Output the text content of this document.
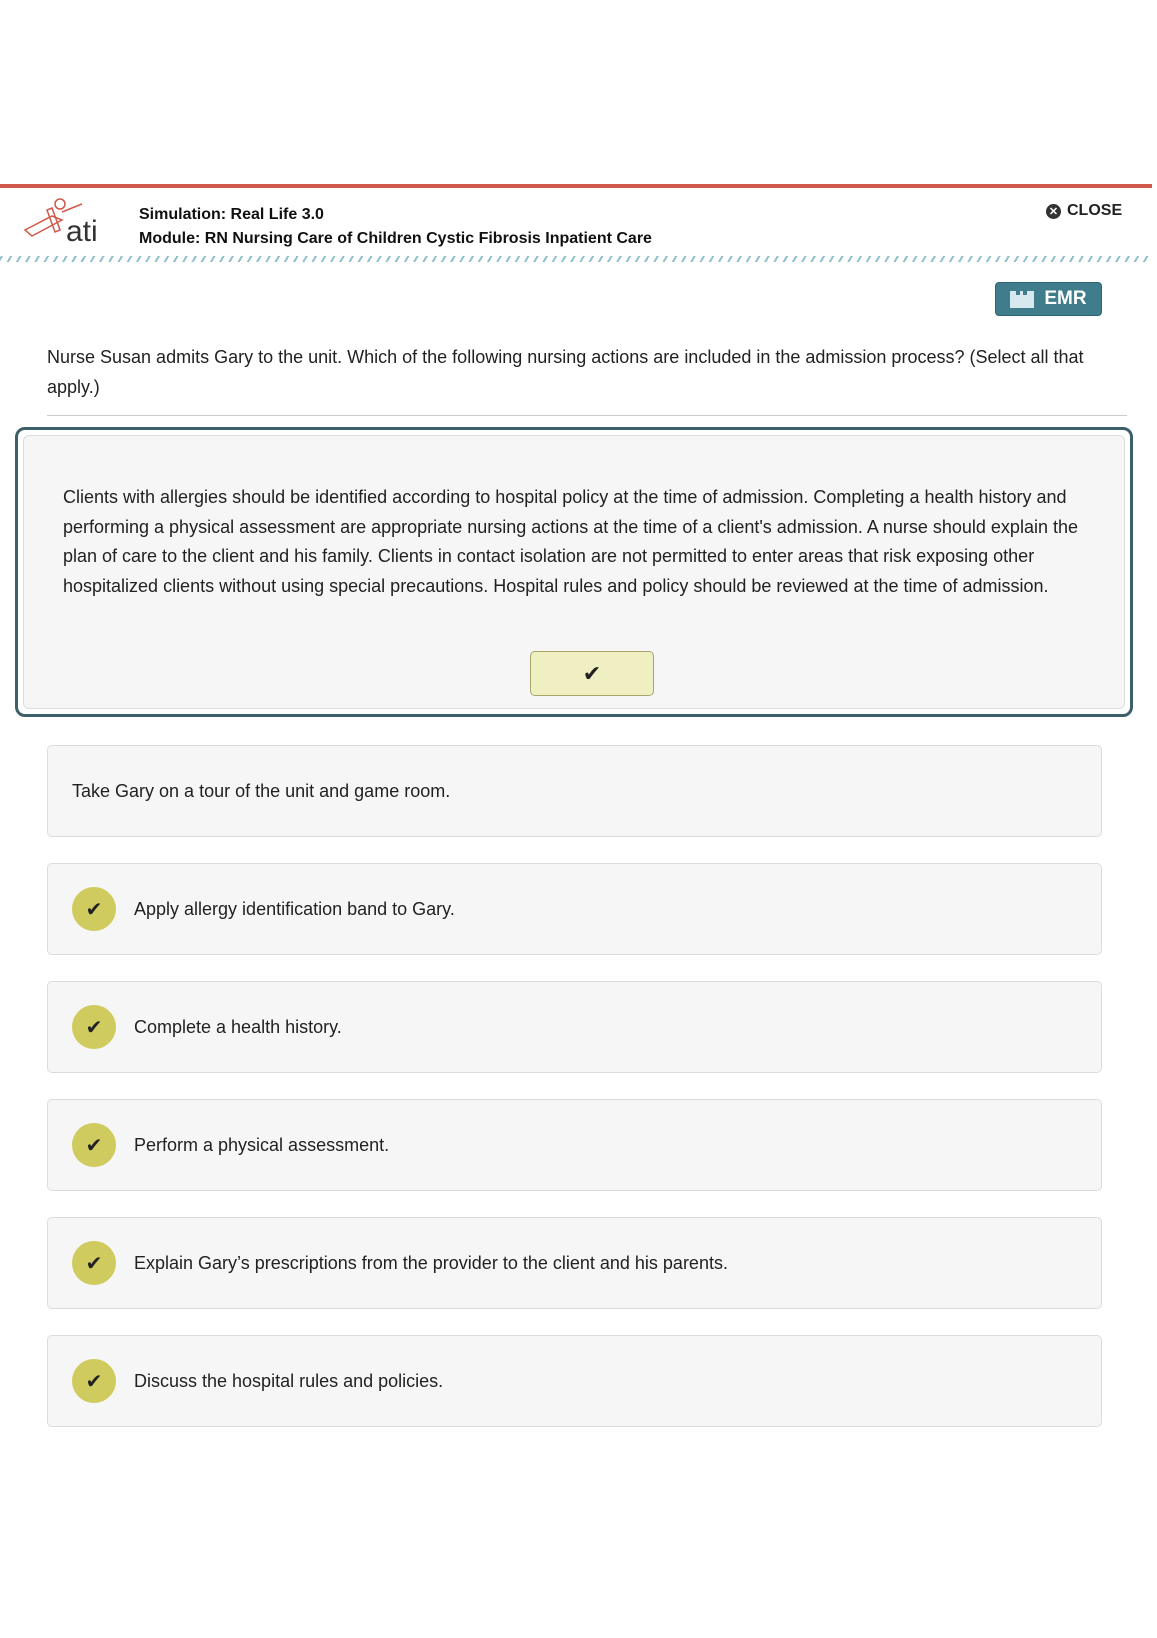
ati
Simulation: Real Life 3.0
Module: RN Nursing Care of Children Cystic Fibrosis Inpatient Care
✕ CLOSE
EMR
Nurse Susan admits Gary to the unit. Which of the following nursing actions are included in the admission process? (Select all that apply.)
Clients with allergies should be identified according to hospital policy at the time of admission. Completing a health history and performing a physical assessment are appropriate nursing actions at the time of a client's admission. A nurse should explain the plan of care to the client and his family. Clients in contact isolation are not permitted to enter areas that risk exposing other hospitalized clients without using special precautions. Hospital rules and policy should be reviewed at the time of admission.
✔
Take Gary on a tour of the unit and game room.
✔	Apply allergy identification band to Gary.
✔	Complete a health history.
✔	Perform a physical assessment.
✔	Explain Gary’s prescriptions from the provider to the client and his parents.
✔	Discuss the hospital rules and policies.
